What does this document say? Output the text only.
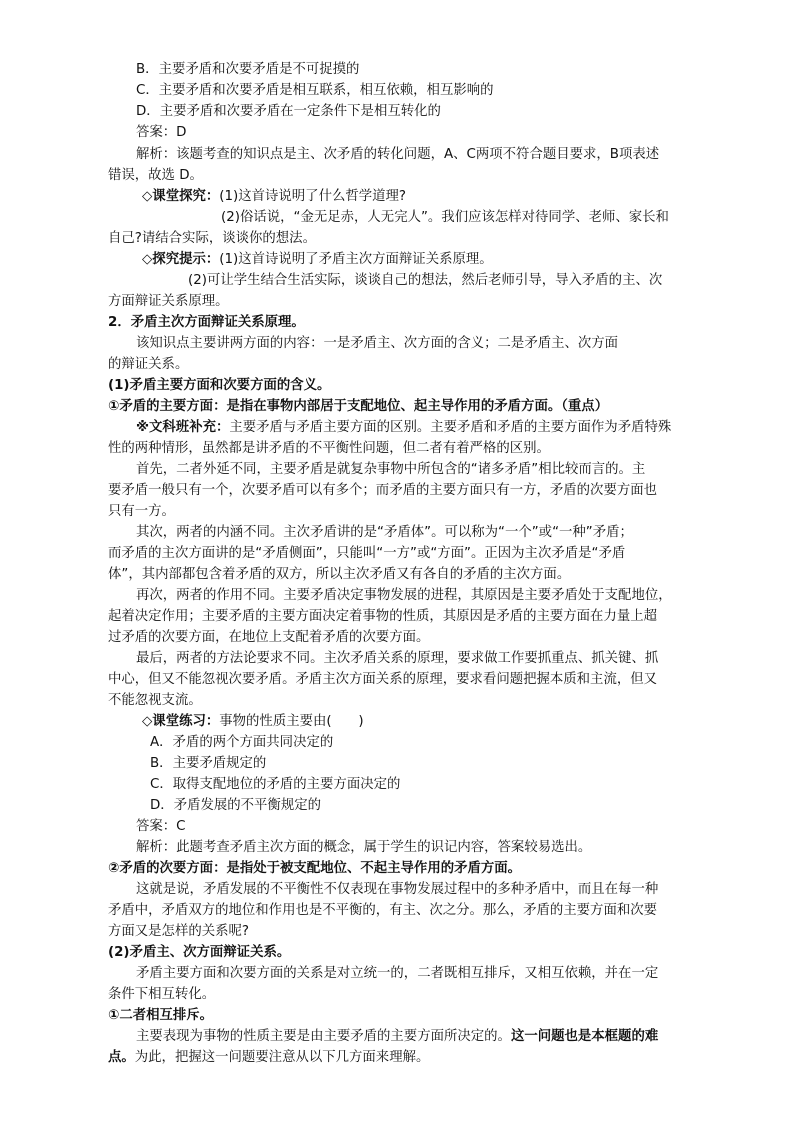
B．主要矛盾和次要矛盾是不可捉摸的
C．主要矛盾和次要矛盾是相互联系，相互依赖，相互影响的
D．主要矛盾和次要矛盾在一定条件下是相互转化的
答案：D
解析：该题考查的知识点是主、次矛盾的转化问题，A、C两项不符合题目要求，B项表述
错误，故选 D。
◇课堂探究：(1)这首诗说明了什么哲学道理?
(2)俗话说，“金无足赤，人无完人”。我们应该怎样对待同学、老师、家长和
自己?请结合实际，谈谈你的想法。
◇探究提示：(1)这首诗说明了矛盾主次方面辩证关系原理。
(2)可让学生结合生活实际，谈谈自己的想法，然后老师引导，导入矛盾的主、次
方面辩证关系原理。
2．矛盾主次方面辩证关系原理。
该知识点主要讲两方面的内容：一是矛盾主、次方面的含义；二是矛盾主、次方面
的辩证关系。
(1)矛盾主要方面和次要方面的含义。
①矛盾的主要方面：是指在事物内部居于支配地位、起主导作用的矛盾方面。（重点）
※文科班补充：主要矛盾与矛盾主要方面的区别。主要矛盾和矛盾的主要方面作为矛盾特殊
性的两种情形，虽然都是讲矛盾的不平衡性问题，但二者有着严格的区别。
首先，二者外延不同，主要矛盾是就复杂事物中所包含的“诸多矛盾”相比较而言的。主
要矛盾一般只有一个，次要矛盾可以有多个；而矛盾的主要方面只有一方，矛盾的次要方面也
只有一方。
其次，两者的内涵不同。主次矛盾讲的是“矛盾体”。可以称为“一个”或“一种”矛盾；
而矛盾的主次方面讲的是“矛盾侧面”，只能叫“一方”或“方面”。正因为主次矛盾是“矛盾
体”，其内部都包含着矛盾的双方，所以主次矛盾又有各自的矛盾的主次方面。
再次，两者的作用不同。主要矛盾决定事物发展的进程，其原因是主要矛盾处于支配地位，
起着决定作用；主要矛盾的主要方面决定着事物的性质，其原因是矛盾的主要方面在力量上超
过矛盾的次要方面，在地位上支配着矛盾的次要方面。
最后，两者的方法论要求不同。主次矛盾关系的原理，要求做工作要抓重点、抓关键、抓
中心，但又不能忽视次要矛盾。矛盾主次方面关系的原理，要求看问题把握本质和主流，但又
不能忽视支流。
◇课堂练习：事物的性质主要由(　　)
A．矛盾的两个方面共同决定的
B．主要矛盾规定的
C．取得支配地位的矛盾的主要方面决定的
D．矛盾发展的不平衡规定的
答案：C
解析：此题考查矛盾主次方面的概念，属于学生的识记内容，答案较易选出。
②矛盾的次要方面：是指处于被支配地位、不起主导作用的矛盾方面。
这就是说，矛盾发展的不平衡性不仅表现在事物发展过程中的多种矛盾中，而且在每一种
矛盾中，矛盾双方的地位和作用也是不平衡的，有主、次之分。那么，矛盾的主要方面和次要
方面又是怎样的关系呢?
(2)矛盾主、次方面辩证关系。
矛盾主要方面和次要方面的关系是对立统一的，二者既相互排斥，又相互依赖，并在一定
条件下相互转化。
①二者相互排斥。
主要表现为事物的性质主要是由主要矛盾的主要方面所决定的。这一问题也是本框题的难
点。为此，把握这一问题要注意从以下几方面来理解。
